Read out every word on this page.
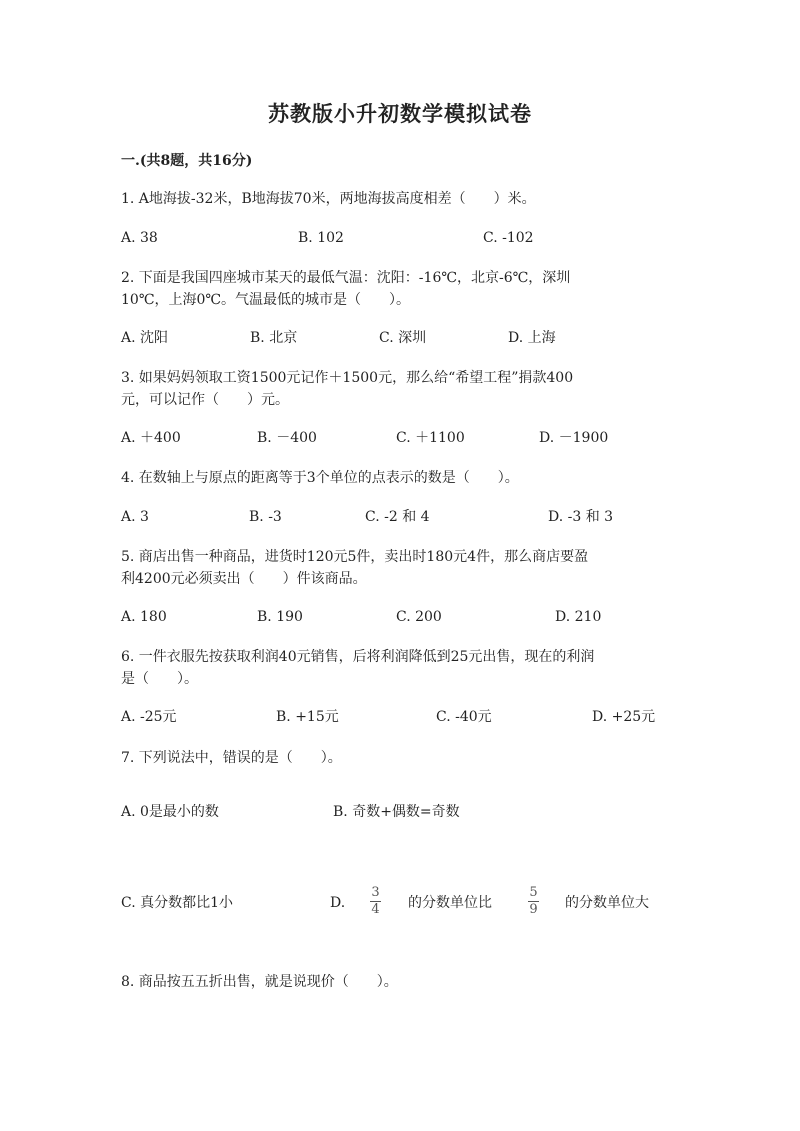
苏教版小升初数学模拟试卷
一.(共8题，共16分)
1. A地海拔-32米，B地海拔70米，两地海拔高度相差（　　）米。
A. 38	B. 102	C. -102
2. 下面是我国四座城市某天的最低气温：沈阳：-16℃，北京-6℃，深圳
10℃，上海0℃。气温最低的城市是（　　）。
A. 沈阳	B. 北京	C. 深圳	D. 上海
3. 如果妈妈领取工资1500元记作＋1500元，那么给“希望工程”捐款400
元，可以记作（　　）元。
A. ＋400	B. －400	C. ＋1100	D. －1900
4. 在数轴上与原点的距离等于3个单位的点表示的数是（　　）。
A. 3	B. -3	C. -2 和 4	D. -3 和 3
5. 商店出售一种商品，进货时120元5件，卖出时180元4件，那么商店要盈
利4200元必须卖出（　　）件该商品。
A. 180	B. 190	C. 200	D. 210
6. 一件衣服先按获取利润40元销售，后将利润降低到25元出售，现在的利润
是（　　）。
A. -25元	B. +15元	C. -40元	D. +25元
7. 下列说法中，错误的是（　　）。
A. 0是最小的数	B. 奇数+偶数=奇数
C. 真分数都比1小	D.
3
4 的分数单位比
5
9 的分数单位大
8. 商品按五五折出售，就是说现价（　　）。
